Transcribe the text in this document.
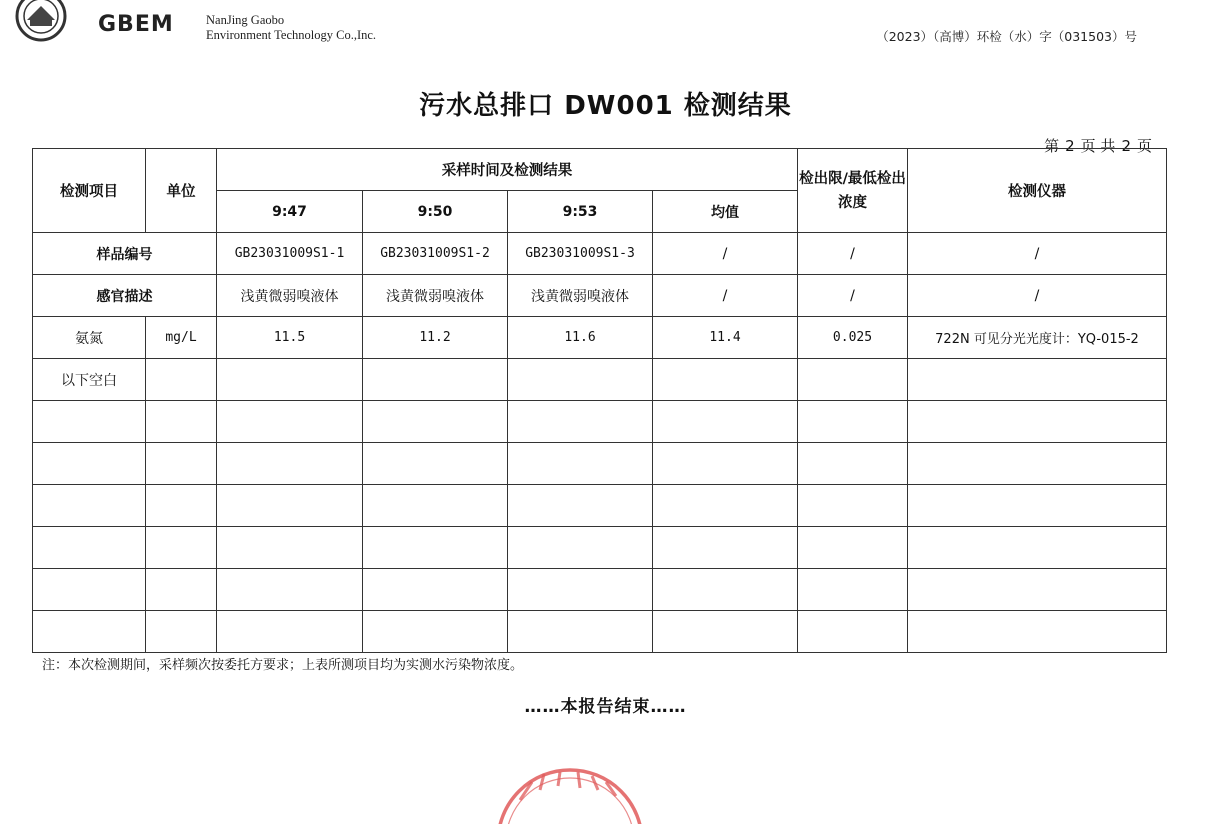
GBEM	NanJing Gaobo
Environment Technology Co.,Inc.	（2023）（高博）环检（水）字（031503）号
污水总排口 DW001 检测结果
第 2 页 共 2 页
检测项目	单位	采样时间及检测结果				检出限/最低检出浓度	检测仪器
		9:47	9:50	9:53	均值		
样品编号		GB23031009S1-1	GB23031009S1-2	GB23031009S1-3	/	/	/
感官描述		浅黄微弱嗅液体	浅黄微弱嗅液体	浅黄微弱嗅液体	/	/	/
氨氮	mg/L	11.5	11.2	11.6	11.4	0.025	722N 可见分光光度计：YQ-015-2
以下空白							

注：本次检测期间，采样频次按委托方要求；上表所测项目均为实测水污染物浓度。
……本报告结束……
